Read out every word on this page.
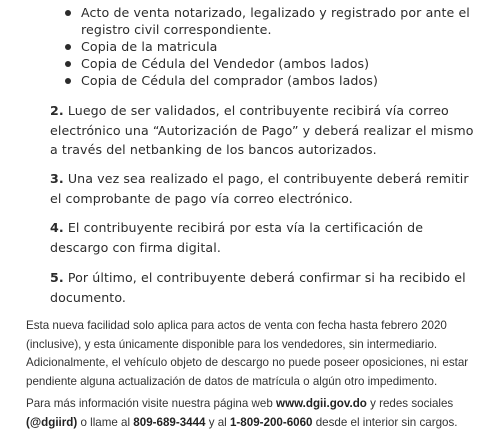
Acto de venta notarizado, legalizado y registrado por ante el registro civil correspondiente.
Copia de la matricula
Copia de Cédula del Vendedor (ambos lados)
Copia de Cédula del comprador (ambos lados)

2. Luego de ser validados, el contribuyente recibirá vía correo electrónico una “Autorización de Pago” y deberá realizar el mismo a través del netbanking de los bancos autorizados.

3. Una vez sea realizado el pago, el contribuyente deberá remitir el comprobante de pago vía correo electrónico.

4. El contribuyente recibirá por esta vía la certificación de descargo con firma digital.

5. Por último, el contribuyente deberá confirmar si ha recibido el documento.

Esta nueva facilidad solo aplica para actos de venta con fecha hasta febrero 2020 (inclusive), y esta únicamente disponible para los vendedores, sin intermediario. Adicionalmente, el vehículo objeto de descargo no puede poseer oposiciones, ni estar pendiente alguna actualización de datos de matrícula o algún otro impedimento.

Para más información visite nuestra página web www.dgii.gov.do y redes sociales (@dgiird) o llame al 809-689-3444 y al 1-809-200-6060 desde el interior sin cargos.
